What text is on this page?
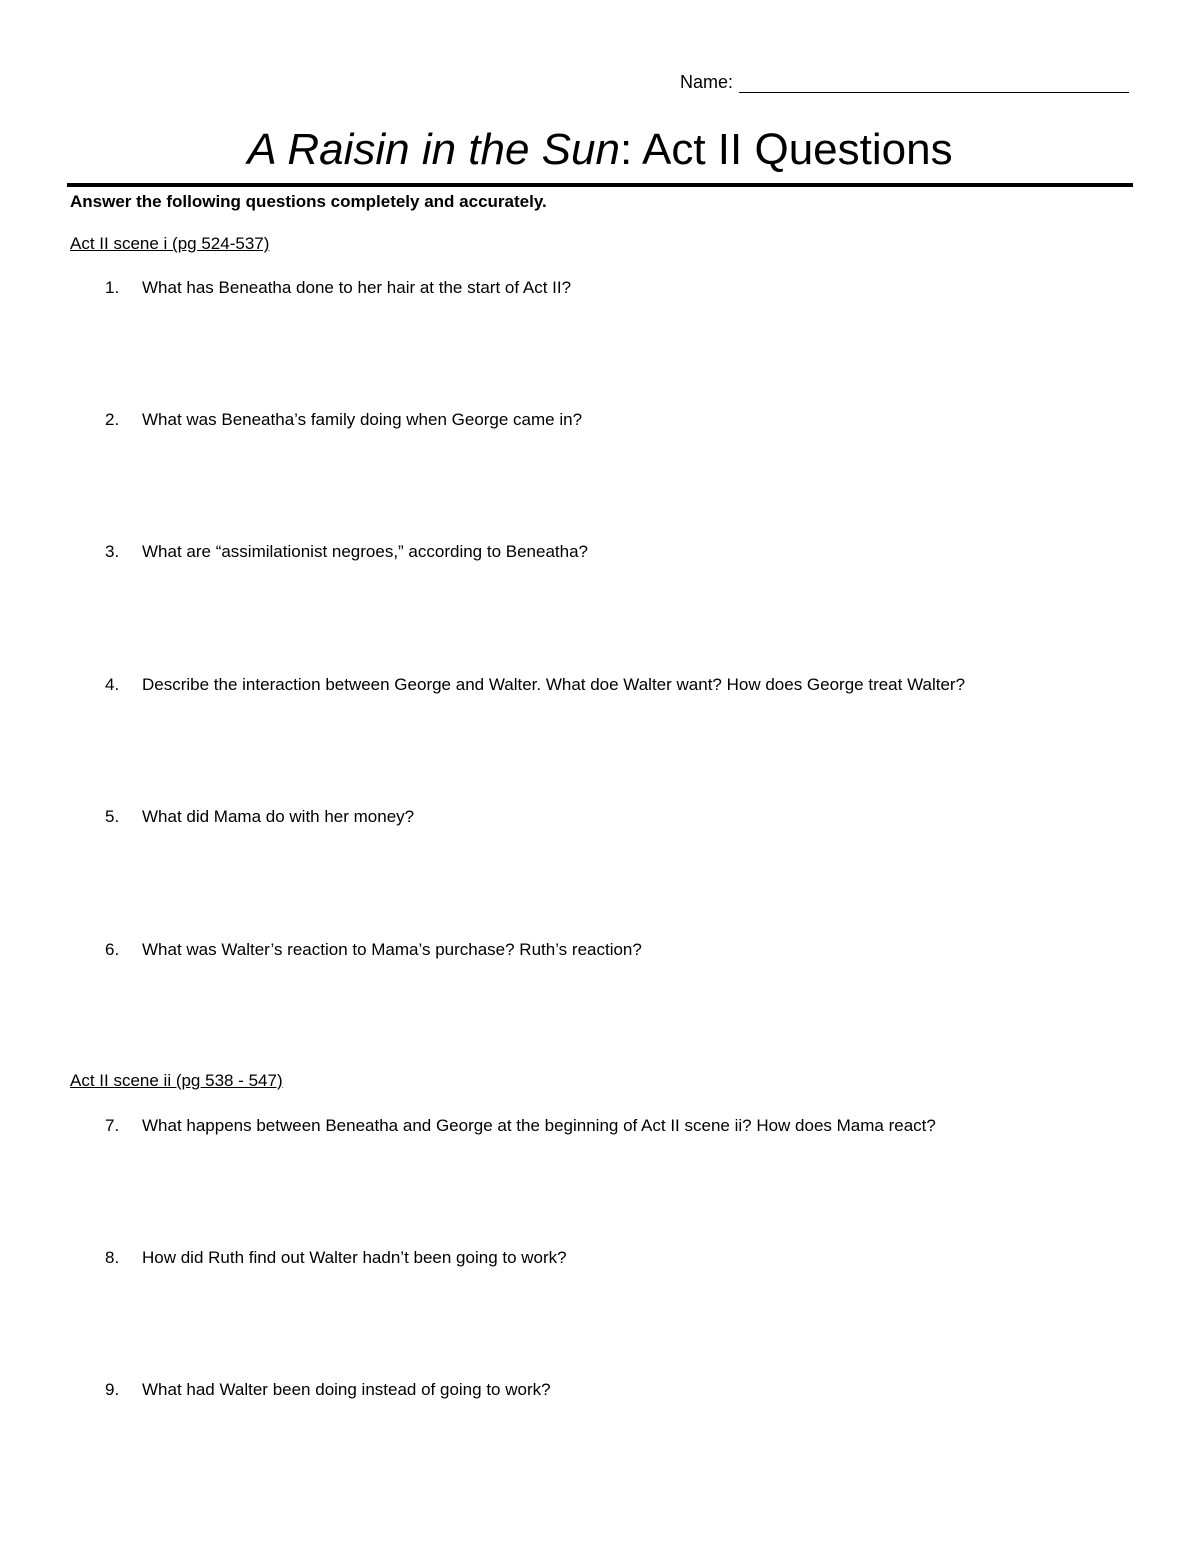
Name:
A Raisin in the Sun: Act II Questions
Answer the following questions completely and accurately.
Act II scene i (pg 524-537)
1.	What has Beneatha done to her hair at the start of Act II?
2.	What was Beneatha’s family doing when George came in?
3.	What are “assimilationist negroes,” according to Beneatha?
4.	Describe the interaction between George and Walter. What doe Walter want? How does George treat Walter?
5.	What did Mama do with her money?
6.	What was Walter’s reaction to Mama’s purchase? Ruth’s reaction?
Act II scene ii (pg 538 - 547)
7.	What happens between Beneatha and George at the beginning of Act II scene ii? How does Mama react?
8.	How did Ruth find out Walter hadn’t been going to work?
9.	What had Walter been doing instead of going to work?
